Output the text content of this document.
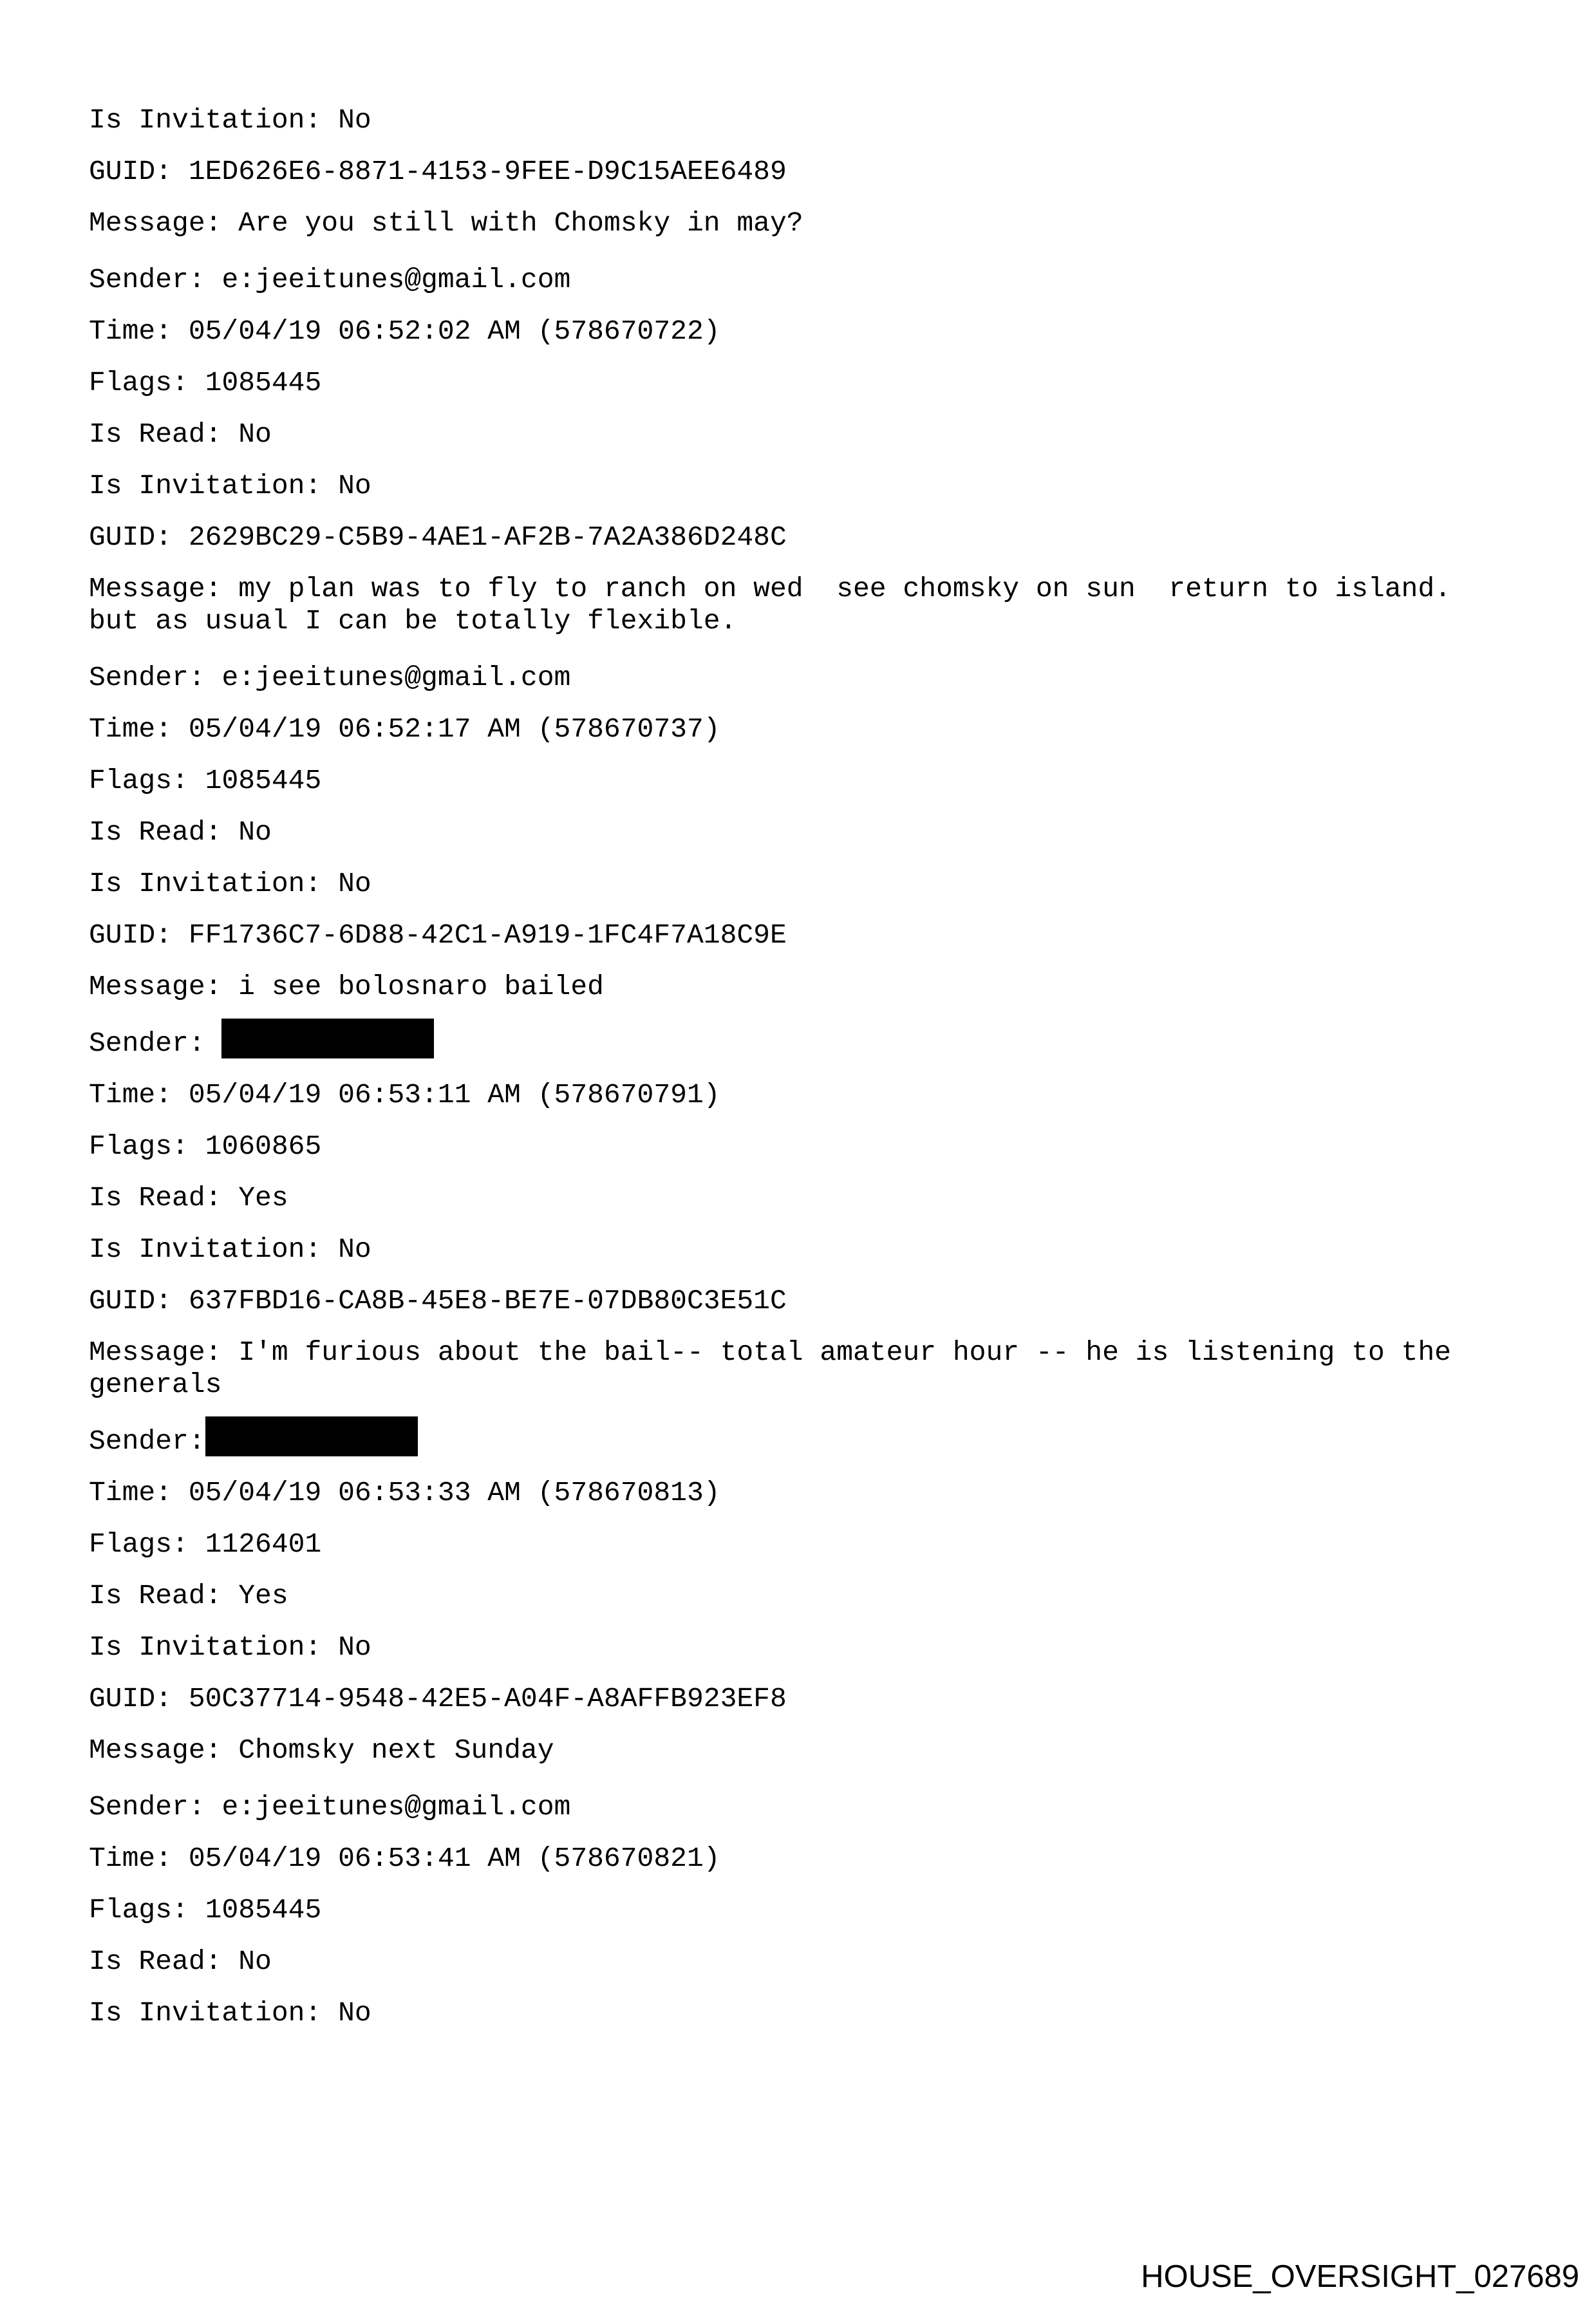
Is Invitation: No
GUID: 1ED626E6-8871-4153-9FEE-D9C15AEE6489
Message: Are you still with Chomsky in may?
Sender: e:jeeitunes@gmail.com
Time: 05/04/19 06:52:02 AM (578670722)
Flags: 1085445
Is Read: No
Is Invitation: No
GUID: 2629BC29-C5B9-4AE1-AF2B-7A2A386D248C
Message: my plan was to fly to ranch on wed  see chomsky on sun  return to island.
but as usual I can be totally flexible.
Sender: e:jeeitunes@gmail.com
Time: 05/04/19 06:52:17 AM (578670737)
Flags: 1085445
Is Read: No
Is Invitation: No
GUID: FF1736C7-6D88-42C1-A919-1FC4F7A18C9E
Message: i see bolosnaro bailed
Sender:
Time: 05/04/19 06:53:11 AM (578670791)
Flags: 1060865
Is Read: Yes
Is Invitation: No
GUID: 637FBD16-CA8B-45E8-BE7E-07DB80C3E51C
Message: I'm furious about the bail-- total amateur hour -- he is listening to the
generals
Sender:
Time: 05/04/19 06:53:33 AM (578670813)
Flags: 1126401
Is Read: Yes
Is Invitation: No
GUID: 50C37714-9548-42E5-A04F-A8AFFB923EF8
Message: Chomsky next Sunday
Sender: e:jeeitunes@gmail.com
Time: 05/04/19 06:53:41 AM (578670821)
Flags: 1085445
Is Read: No
Is Invitation: No
HOUSE_OVERSIGHT_027689
